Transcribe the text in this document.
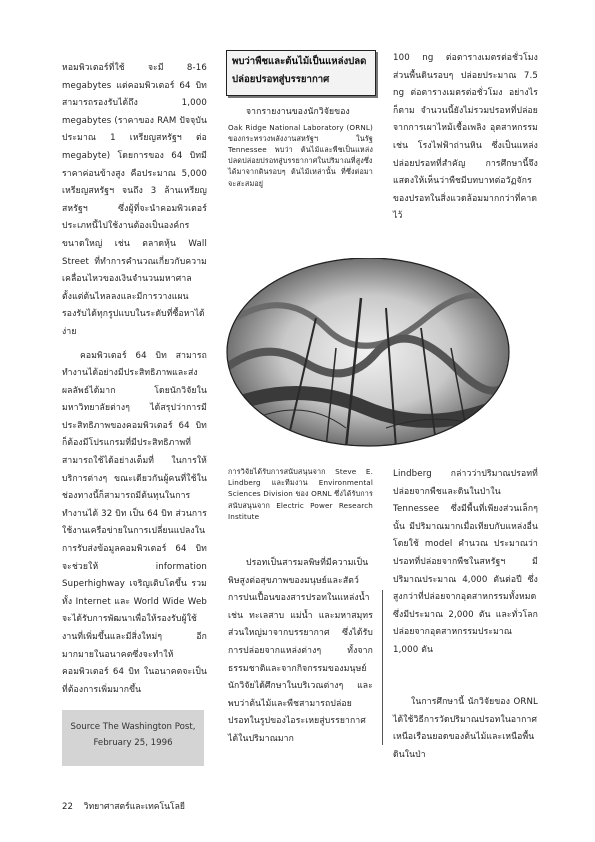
หอมพิวเตอร์ที่ใช้ จะมี 8-16 megabytes แต่คอมพิวเตอร์ 64 บิท สามารถรองรับได้ถึง 1,000 megabytes (ราคาของ RAM ปัจจุบันประมาณ 1 เหรียญสหรัฐฯ ต่อ megabyte) โดยการของ 64 บิทมีราคาค่อนข้างสูง คือประมาณ 5,000 เหรียญสหรัฐฯ จนถึง 3 ล้านเหรียญสหรัฐฯ ซึ่งผู้ที่จะนำคอมพิวเตอร์ประเภทนี้ไปใช้งานต้องเป็นองค์กรขนาดใหญ่ เช่น ตลาดหุ้น Wall Street ที่ทำการคำนวณเกี่ยวกับความเคลื่อนไหวของเงินจำนวนมหาศาลตั้งแต่ต้นไหลลงและมีการวางแผนรองรับได้ทุกรูปแบบในระดับที่ซื้อหาได้ง่าย

คอมพิวเตอร์ 64 บิท สามารถทำงานได้อย่างมีประสิทธิภาพและส่งผลลัพธ์ได้มาก โดยนักวิจัยในมหาวิทยาลัยต่างๆ ได้สรุปว่าการมีประสิทธิภาพของคอมพิวเตอร์ 64 บิท ก็ต้องมีโปรแกรมที่มีประสิทธิภาพที่สามารถใช้ได้อย่างเต็มที่ ในการให้บริการต่างๆ ขณะเดียวกันผู้คนที่ใช้ในช่องทางนี้ก็สามารถมีต้นทุนในการทำงานได้ 32 บิท เป็น 64 บิท ส่วนการใช้งานเครือข่ายในการเปลี่ยนแปลงในการรับส่งข้อมูลคอมพิวเตอร์ 64 บิท จะช่วยให้ information Superhighway เจริญเติบโตขึ้น รวมทั้ง Internet และ World Wide Web จะได้รับการพัฒนาเพื่อให้รองรับผู้ใช้งานที่เพิ่มขึ้นและมีสิ่งใหม่ๆ อีกมากมายในอนาคตซึ่งจะทำให้คอมพิวเตอร์ 64 บิท ในอนาคตจะเป็นที่ต้องการเพิ่มมากขึ้น

Source The Washington Post,
February 25, 1996
พบว่าพืชและต้นไม้เป็นแหล่งปลดปล่อยปรอทสู่บรรยากาศ

จากรายงานของนักวิจัยของ

Oak Ridge National Laboratory (ORNL) ของกระทรวงพลังงานสหรัฐฯ ในรัฐ Tennessee พบว่า ต้นไม้และพืชเป็นแหล่งปลดปล่อยปรอทสู่บรรยากาศในปริมาณที่สูงซึ่งได้มาจากดินรอบๆ ต้นไม้เหล่านั้น ที่ซึ่งต่อมาจะสะสมอยู่

การวิจัยได้รับการสนับสนุนจาก Steve E. Lindberg และทีมงาน Environmental Sciences Division ของ ORNL ซึ่งได้รับการสนับสนุนจาก Electric Power Research Institute

ปรอทเป็นสารมลพิษที่มีความเป็นพิษสูงต่อสุขภาพของมนุษย์และสัตว์ การปนเปื้อนของสารปรอทในแหล่งน้ำ เช่น ทะเลสาบ แม่น้ำ และมหาสมุทร ส่วนใหญ่มาจากบรรยากาศ ซึ่งได้รับการปล่อยจากแหล่งต่างๆ ทั้งจากธรรมชาติและจากกิจกรรมของมนุษย์ นักวิจัยได้ศึกษาในบริเวณต่างๆ และพบว่าต้นไม้และพืชสามารถปล่อยปรอทในรูปของไอระเหยสู่บรรยากาศได้ในปริมาณมาก

100 ng ต่อตารางเมตรต่อชั่วโมง ส่วนพื้นดินรอบๆ ปล่อยประมาณ 7.5 ng ต่อตารางเมตรต่อชั่วโมง อย่างไรก็ตาม จำนวนนี้ยังไม่รวมปรอทที่ปล่อยจากการเผาไหม้เชื้อเพลิง อุตสาหกรรม เช่น โรงไฟฟ้าถ่านหิน ซึ่งเป็นแหล่งปล่อยปรอทที่สำคัญ การศึกษานี้จึงแสดงให้เห็นว่าพืชมีบทบาทต่อวัฏจักรของปรอทในสิ่งแวดล้อมมากกว่าที่คาดไว้

Lindberg กล่าวว่าปริมาณปรอทที่ปล่อยจากพืชและดินในป่าใน Tennessee ซึ่งมีพื้นที่เพียงส่วนเล็กๆ นั้น มีปริมาณมากเมื่อเทียบกับแหล่งอื่น โดยใช้ model คำนวณ ประมาณว่าปรอทที่ปล่อยจากพืชในสหรัฐฯ มีปริมาณประมาณ 4,000 ตันต่อปี ซึ่งสูงกว่าที่ปล่อยจากอุตสาหกรรมทั้งหมดซึ่งมีประมาณ 2,000 ตัน และทั่วโลกปล่อยจากอุตสาหกรรมประมาณ 1,000 ตัน

ในการศึกษานี้ นักวิจัยของ ORNL ได้ใช้วิธีการวัดปริมาณปรอทในอากาศเหนือเรือนยอดของต้นไม้และเหนือพื้นดินในป่า

22 วิทยาศาสตร์และเทคโนโลยี
